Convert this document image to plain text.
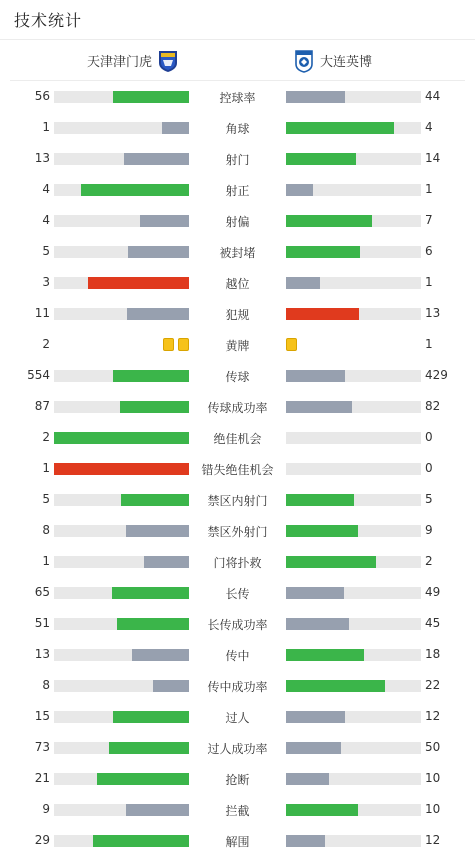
技术统计
天津津门虎	大连英博
56	控球率	44
1	角球	4
13	射门	14
4	射正	1
4	射偏	7
5	被封堵	6
3	越位	1
11	犯规	13
2	黄牌	1
554	传球	429
87	传球成功率	82
2	绝佳机会	0
1	错失绝佳机会	0
5	禁区内射门	5
8	禁区外射门	9
1	门将扑救	2
65	长传	49
51	长传成功率	45
13	传中	18
8	传中成功率	22
15	过人	12
73	过人成功率	50
21	抢断	10
9	拦截	10
29	解围	12
